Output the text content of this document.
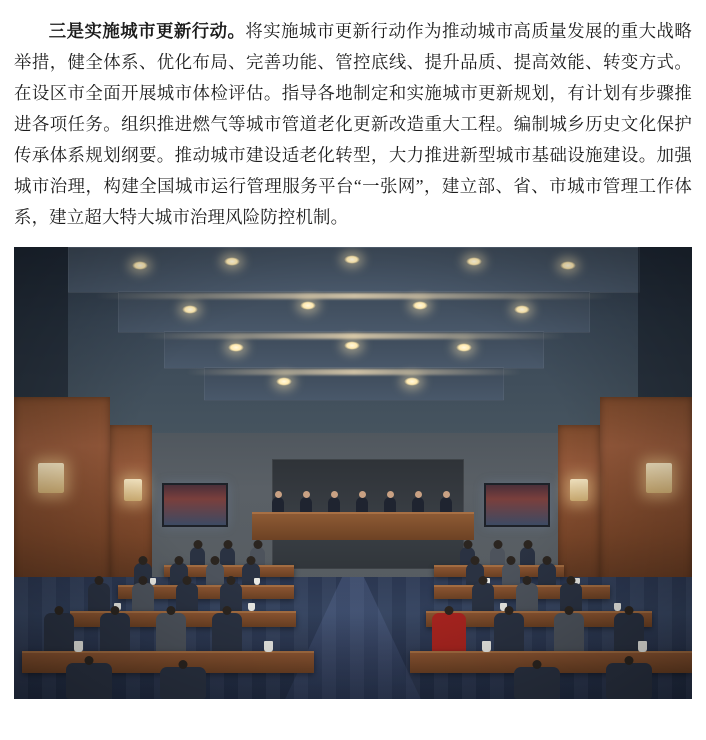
三是实施城市更新行动。将实施城市更新行动作为推动城市高质量发展的重大战略举措，健全体系、优化布局、完善功能、管控底线、提升品质、提高效能、转变方式。在设区市全面开展城市体检评估。指导各地制定和实施城市更新规划，有计划有步骤推进各项任务。组织推进燃气等城市管道老化更新改造重大工程。编制城乡历史文化保护传承体系规划纲要。推动城市建设适老化转型，大力推进新型城市基础设施建设。加强城市治理，构建全国城市运行管理服务平台“一张网”，建立部、省、市城市管理工作体系，建立超大特大城市治理风险防控机制。
